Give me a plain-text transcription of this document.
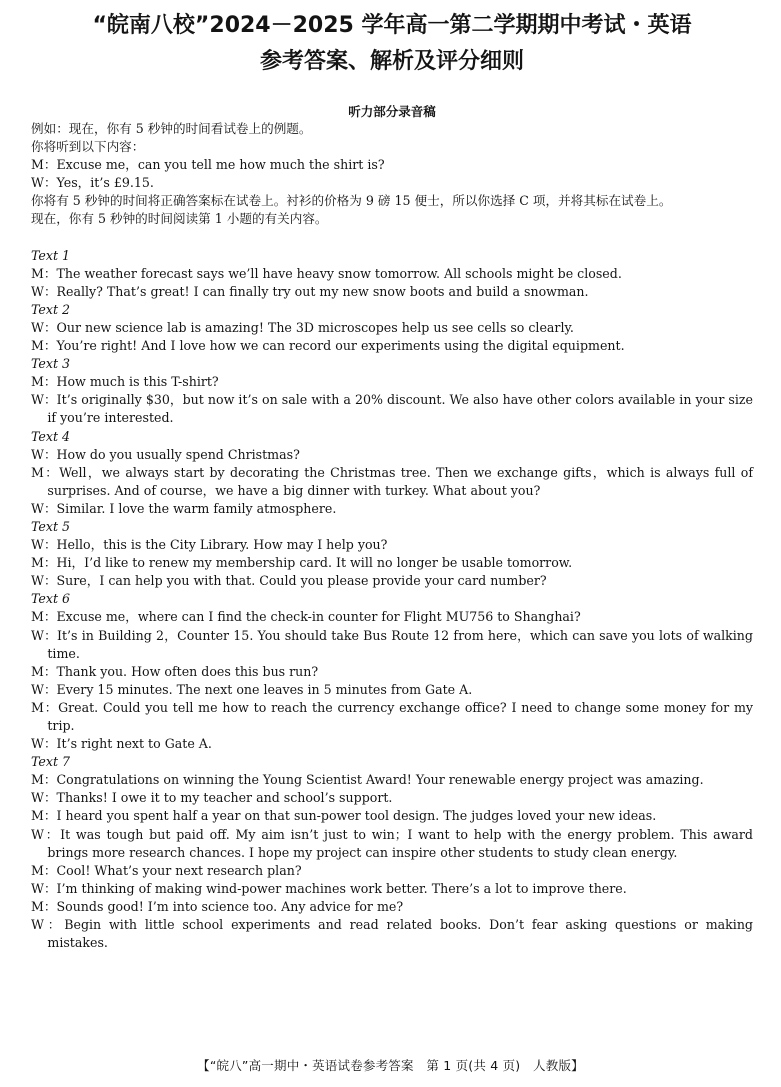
“皖南八校”2024－2025 学年高一第二学期期中考试・英语
参考答案、解析及评分细则
听力部分录音稿
例如：现在，你有 5 秒钟的时间看试卷上的例题。
你将听到以下内容：
M：Excuse me，can you tell me how much the shirt is?
W：Yes，it’s £9.15.
你将有 5 秒钟的时间将正确答案标在试卷上。衬衫的价格为 9 磅 15 便士，所以你选择 C 项，并将其标在试卷上。
现在，你有 5 秒钟的时间阅读第 1 小题的有关内容。
Text 1
M：The weather forecast says we’ll have heavy snow tomorrow. All schools might be closed.
W：Really? That’s great! I can finally try out my new snow boots and build a snowman.
Text 2
W：Our new science lab is amazing! The 3D microscopes help us see cells so clearly.
M：You’re right! And I love how we can record our experiments using the digital equipment.
Text 3
M：How much is this T-shirt?
W：It’s originally $30，but now it’s on sale with a 20% discount. We also have other colors available in your size if you’re interested.
Text 4
W：How do you usually spend Christmas?
M：Well，we always start by decorating the Christmas tree. Then we exchange gifts，which is always full of surprises. And of course，we have a big dinner with turkey. What about you?
W：Similar. I love the warm family atmosphere.
Text 5
W：Hello，this is the City Library. How may I help you?
M：Hi，I’d like to renew my membership card. It will no longer be usable tomorrow.
W：Sure，I can help you with that. Could you please provide your card number?
Text 6
M：Excuse me，where can I find the check-in counter for Flight MU756 to Shanghai?
W：It’s in Building 2，Counter 15. You should take Bus Route 12 from here，which can save you lots of walking time.
M：Thank you. How often does this bus run?
W：Every 15 minutes. The next one leaves in 5 minutes from Gate A.
M：Great. Could you tell me how to reach the currency exchange office? I need to change some money for my trip.
W：It’s right next to Gate A.
Text 7
M：Congratulations on winning the Young Scientist Award! Your renewable energy project was amazing.
W：Thanks! I owe it to my teacher and school’s support.
M：I heard you spent half a year on that sun-power tool design. The judges loved your new ideas.
W：It was tough but paid off. My aim isn’t just to win；I want to help with the energy problem. This award brings more research chances. I hope my project can inspire other students to study clean energy.
M：Cool! What’s your next research plan?
W：I’m thinking of making wind-power machines work better. There’s a lot to improve there.
M：Sounds good! I’m into science too. Any advice for me?
W：Begin with little school experiments and read related books. Don’t fear asking questions or making mistakes.
【“皖八”高一期中・英语试卷参考答案　第 1 页(共 4 页)　人教版】
